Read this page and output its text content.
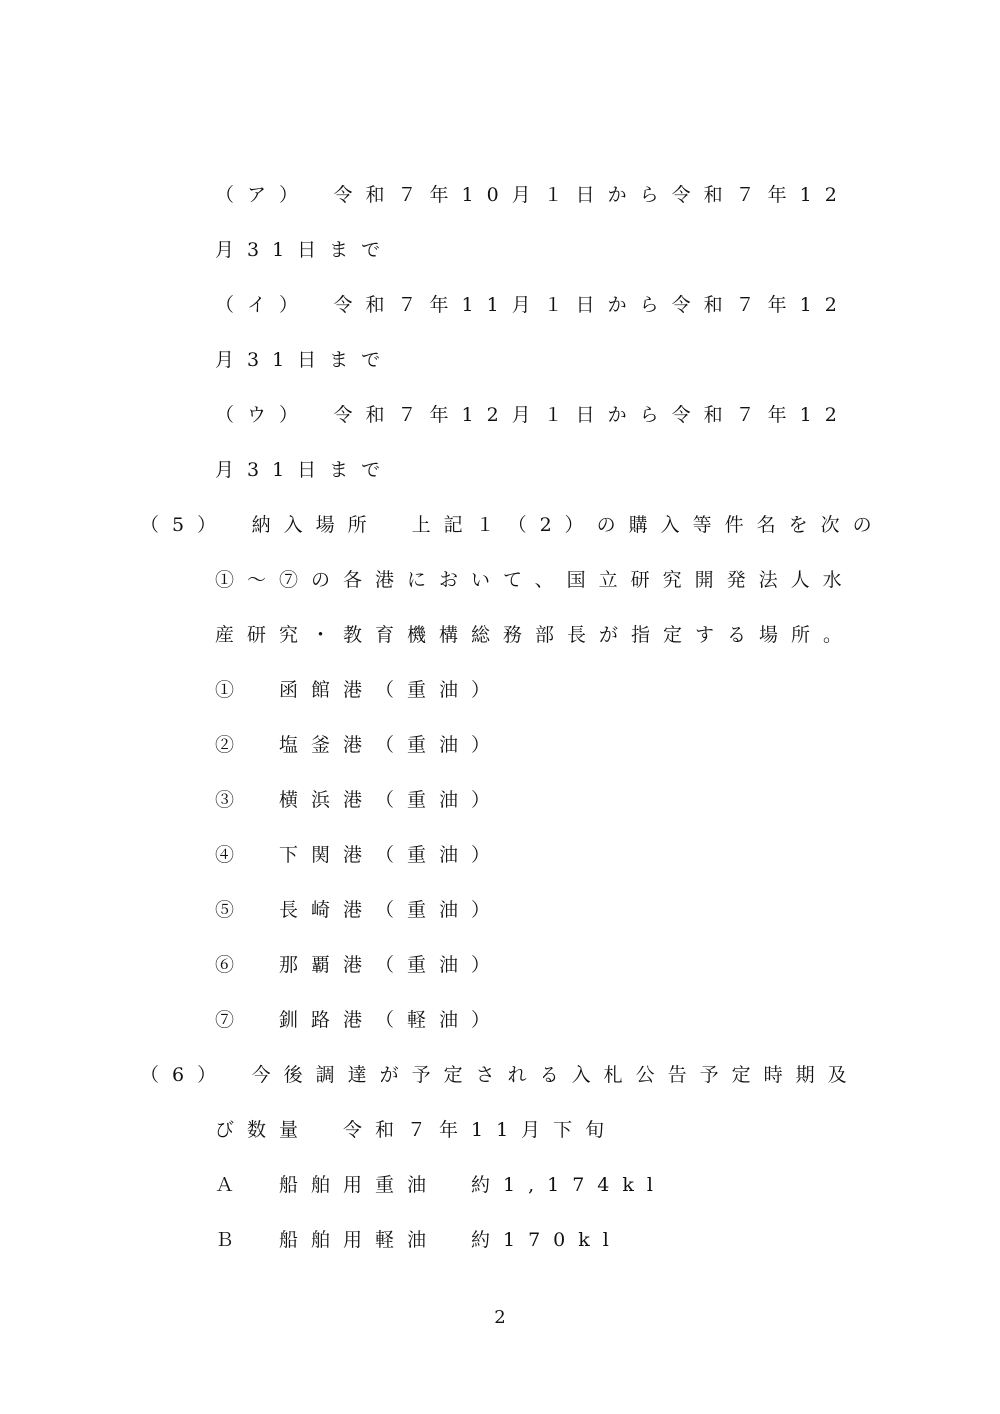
（ア）　令和７年10月１日から令和７年12
月31日まで
（イ）　令和７年11月１日から令和７年12
月31日まで
（ウ）　令和７年12月１日から令和７年12
月31日まで
（5）　納入場所　上記１（2）の購入等件名を次の
①～⑦の各港において、国立研究開発法人水
産研究・教育機構総務部長が指定する場所。
①　函館港（重油）
②　塩釜港（重油）
③　横浜港（重油）
④　下関港（重油）
⑤　長崎港（重油）
⑥　那覇港（重油）
⑦　釧路港（軽油）
（6）　今後調達が予定される入札公告予定時期及
び数量　令和７年11月下旬
Ａ　船舶用重油　約1,174kl
Ｂ　船舶用軽油　約170kl
2
